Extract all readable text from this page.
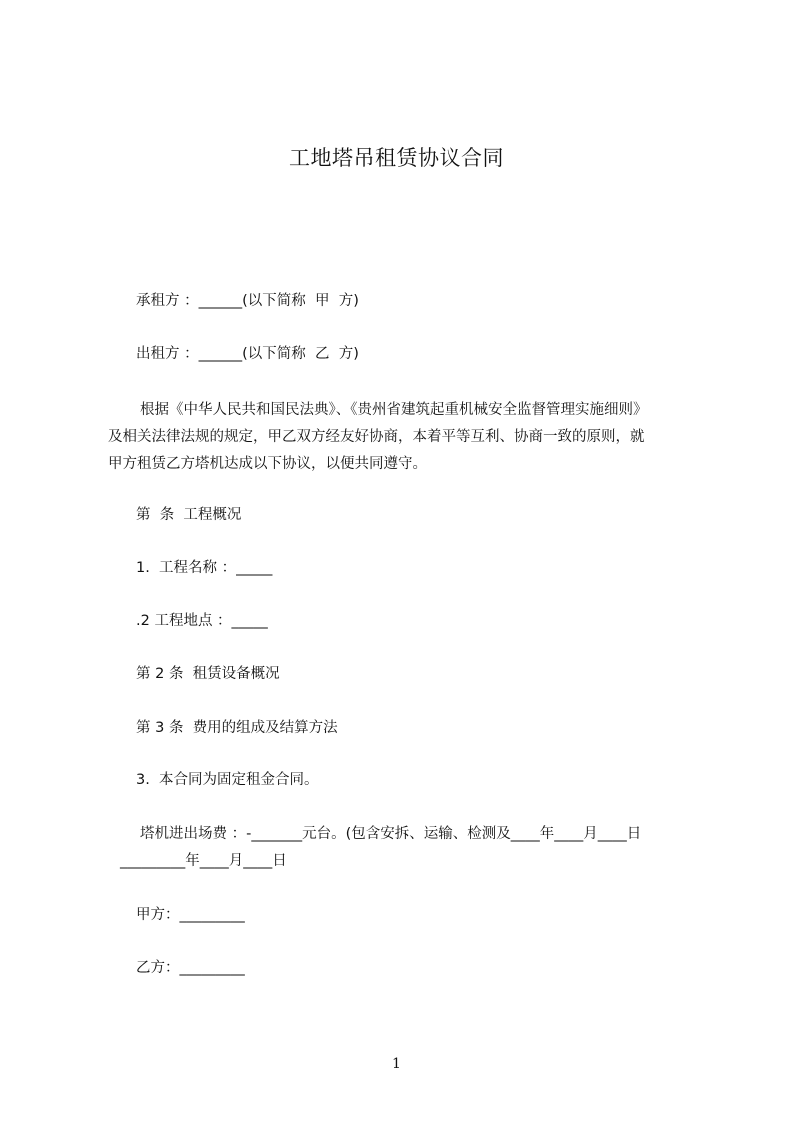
工地塔吊租赁协议合同
承租方 ：______(以下简称  甲  方)
出租方 ：______(以下简称  乙  方)
根据《中华人民共和国民法典》、《贵州省建筑起重机械安全监督管理实施细则》
及相关法律法规的规定，甲乙双方经友好协商，本着平等互利、协商一致的原则，就
甲方租赁乙方塔机达成以下协议，以便共同遵守。
第  条  工程概况
1.  工程名称 ：_____
.2 工程地点 ：_____
第 2 条  租赁设备概况
第 3 条  费用的组成及结算方法
3.  本合同为固定租金合同。
塔机进出场费 ：-_______元台。(包含安拆、运输、检测及____年____月____日
_________年____月____日
甲方：_________
乙方：_________
1
